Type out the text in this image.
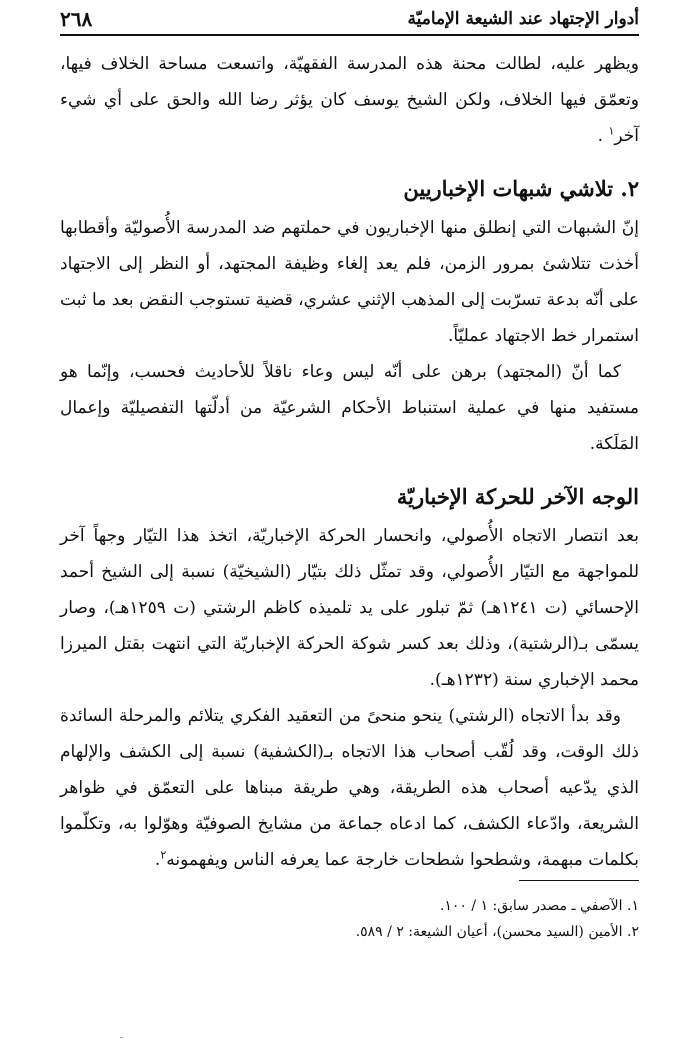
أدوار الإجتهاد عند الشيعة الإماميّة
٢٦٨

ويظهر عليه، لطالت محنة هذه المدرسة الفقهيّة، واتسعت مساحة الخلاف فيها، وتعمّق فيها الخلاف، ولكن الشيخ يوسف كان يؤثر رضا الله والحق على أي شيء آخر$^١$ .

٢. تلاشي شبهات الإخباريين

إنّ الشبهات التي إنطلق منها الإخباريون في حملتهم ضد المدرسة الأُصوليّة وأقطابها أخذت تتلاشئ بمرور الزمن، فلم يعد إلغاء وظيفة المجتهد، أو النظر إلى الاجتهاد على أنّه بدعة تسرّبت إلى المذهب الإثني عشري، قضية تستوجب النقض بعد ما ثبت استمرار خط الاجتهاد عمليّاً.

كما أنّ (المجتهد) برهن على أنّه ليس وعاء ناقلاً للأحاديث فحسب، وإنّما هو مستفيد منها في عملية استنباط الأحكام الشرعيّة من أدلّتها التفصيليّة وإعمال المَلَكة.

الوجه الآخر للحركة الإخباريّة

بعد انتصار الاتجاه الأُصولي، وانحسار الحركة الإخباريّة، اتخذ هذا التيّار وجهاً آخر للمواجهة مع التيّار الأُصولي، وقد تمثّل ذلك بتيّار (الشيخيّة) نسبة إلى الشيخ أحمد الإحسائي (ت ١٢٤١هـ) ثمّ تبلور على يد تلميذه كاظم الرشتي (ت ١٢٥٩هـ)، وصار يسمّى بـ(الرشتية)، وذلك بعد كسر شوكة الحركة الإخباريّة التي انتهت بقتل الميرزا محمد الإخباري سنة (١٢٣٢هـ).

وقد بدأ الاتجاه (الرشتي) ينحو منحىً من التعقيد الفكري يتلائم والمرحلة السائدة ذلك الوقت، وقد لُقّب أصحاب هذا الاتجاه بـ(الكشفية) نسبة إلى الكشف والإلهام الذي يدّعيه أصحاب هذه الطريقة، وهي طريقة مبناها على التعمّق في ظواهر الشريعة، وادّعاء الكشف، كما ادعاه جماعة من مشايخ الصوفيّة وهوّلوا به، وتكلّموا بكلمات مبهمة، وشطحوا شطحات خارجة عما يعرفه الناس ويفهمونه$^٢$.

١. الآصفي ـ مصدر سابق: ١ / ١٠٠.

٢. الأمين (السيد محسن)، أعيان الشيعة: ٢ / ٥٨٩.

ـ
